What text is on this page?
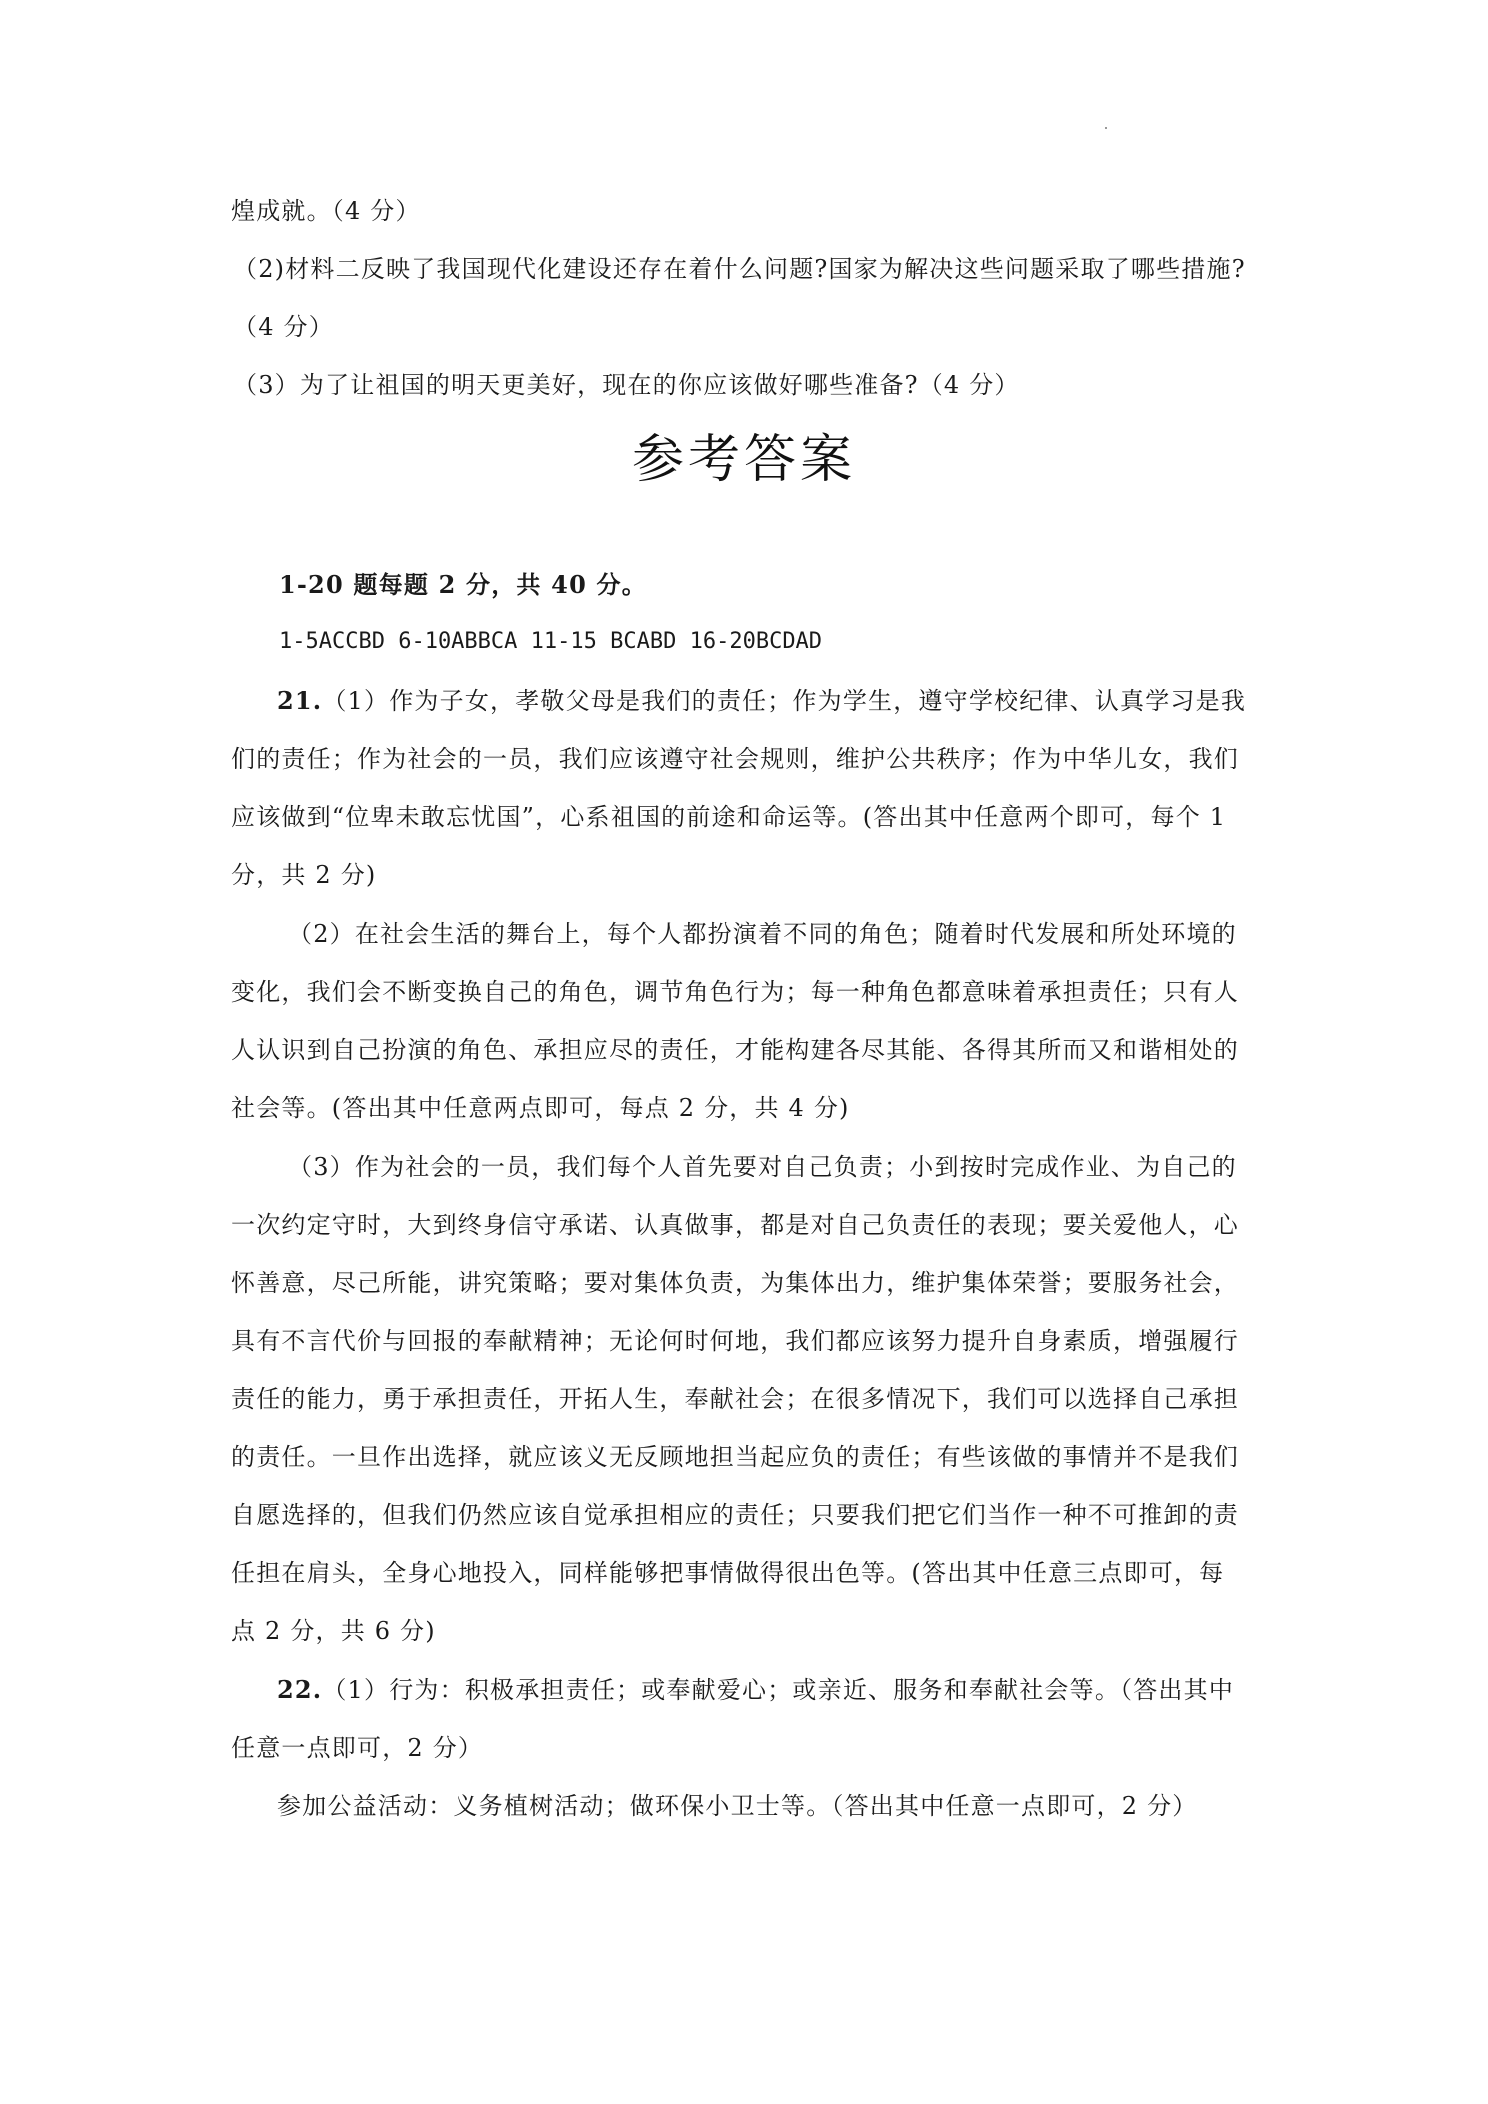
煌成就。（4 分）
（2)材料二反映了我国现代化建设还存在着什么问题?国家为解决这些问题采取了哪些措施?
（4 分）
（3）为了让祖国的明天更美好，现在的你应该做好哪些准备?（4 分）
参考答案
1-20 题每题 2 分，共 40 分。
1-5ACCBD 6-10ABBCA 11-15 BCABD 16-20BCDAD
21.（1）作为子女，孝敬父母是我们的责任；作为学生，遵守学校纪律、认真学习是我
们的责任；作为社会的一员，我们应该遵守社会规则，维护公共秩序；作为中华儿女，我们
应该做到“位卑未敢忘忧国”，心系祖国的前途和命运等。(答出其中任意两个即可，每个 1
分，共 2 分)
（2）在社会生活的舞台上，每个人都扮演着不同的角色；随着时代发展和所处环境的
变化，我们会不断变换自己的角色，调节角色行为；每一种角色都意味着承担责任；只有人
人认识到自己扮演的角色、承担应尽的责任，才能构建各尽其能、各得其所而又和谐相处的
社会等。(答出其中任意两点即可，每点 2 分，共 4 分)
（3）作为社会的一员，我们每个人首先要对自己负责；小到按时完成作业、为自己的
一次约定守时，大到终身信守承诺、认真做事，都是对自己负责任的表现；要关爱他人，心
怀善意，尽己所能，讲究策略；要对集体负责，为集体出力，维护集体荣誉；要服务社会，
具有不言代价与回报的奉献精神；无论何时何地，我们都应该努力提升自身素质，增强履行
责任的能力，勇于承担责任，开拓人生，奉献社会；在很多情况下，我们可以选择自己承担
的责任。一旦作出选择，就应该义无反顾地担当起应负的责任；有些该做的事情并不是我们
自愿选择的，但我们仍然应该自觉承担相应的责任；只要我们把它们当作一种不可推卸的责
任担在肩头，全身心地投入，同样能够把事情做得很出色等。(答出其中任意三点即可，每
点 2 分，共 6 分)
22.（1）行为：积极承担责任；或奉献爱心；或亲近、服务和奉献社会等。（答出其中
任意一点即可，2 分）
参加公益活动：义务植树活动；做环保小卫士等。（答出其中任意一点即可，2 分）
